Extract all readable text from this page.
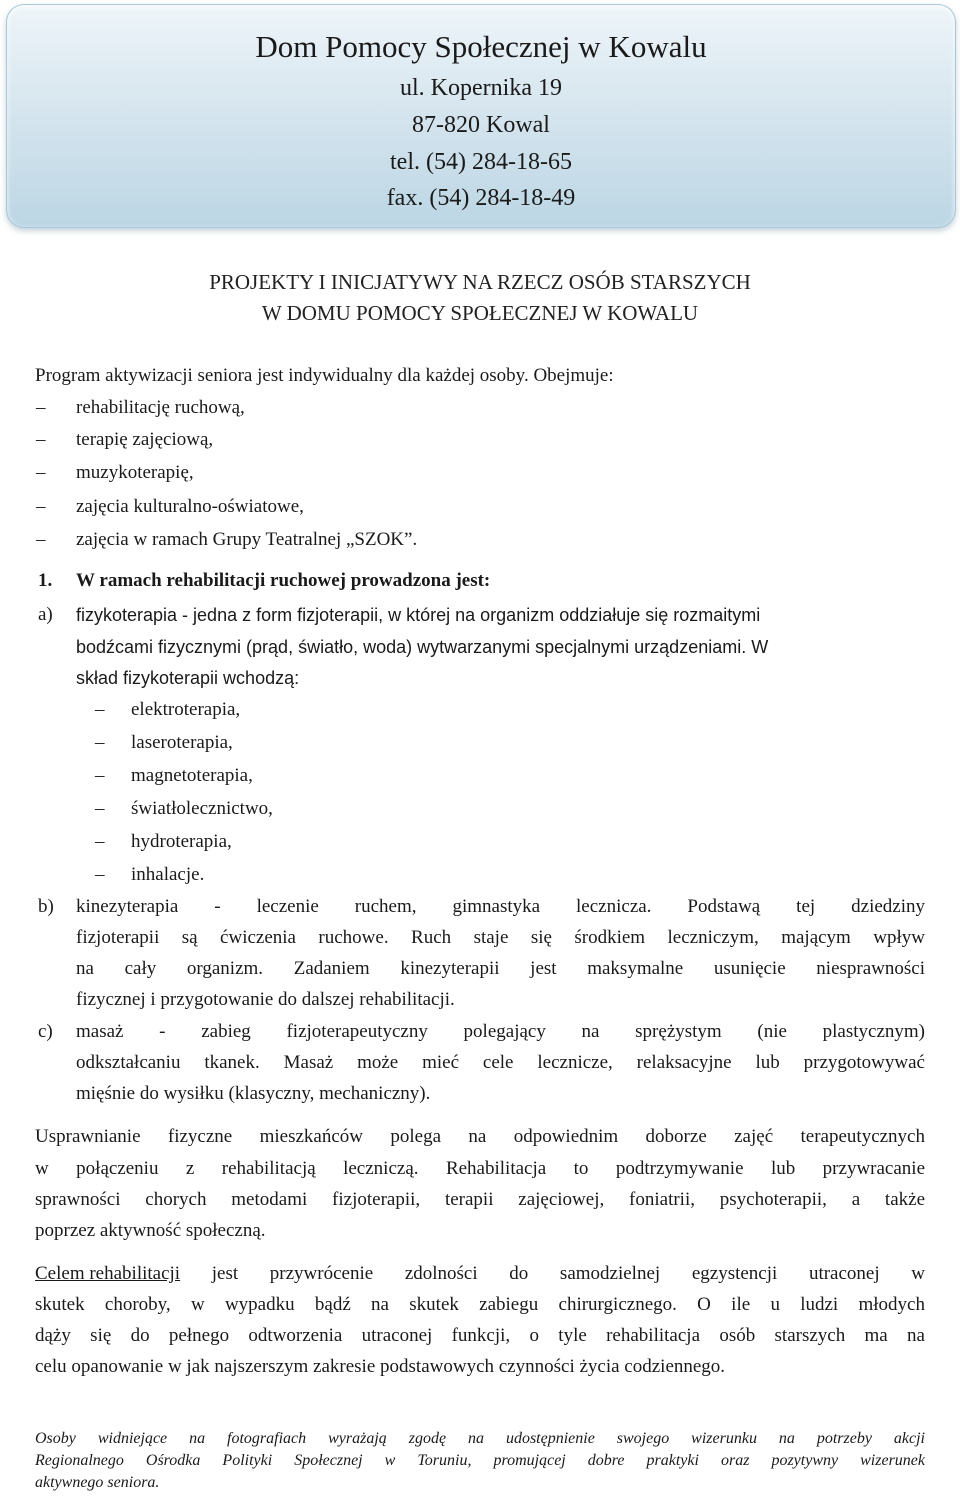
Dom Pomocy Społecznej w Kowalu
ul. Kopernika 19
87-820 Kowal
tel. (54) 284-18-65
fax. (54) 284-18-49
PROJEKTY I INICJATYWY NA RZECZ OSÓB STARSZYCH
W DOMU POMOCY SPOŁECZNEJ W KOWALU
Program aktywizacji seniora jest indywidualny dla każdej osoby. Obejmuje:
– rehabilitację ruchową,
– terapię zajęciową,
– muzykoterapię,
– zajęcia kulturalno-oświatowe,
– zajęcia w ramach Grupy Teatralnej „SZOK”.
1. W ramach rehabilitacji ruchowej prowadzona jest:
a) fizykoterapia - jedna z form fizjoterapii, w której na organizm oddziałuje się rozmaitymi
bodźcami fizycznymi (prąd, światło, woda) wytwarzanymi specjalnymi urządzeniami. W
skład fizykoterapii wchodzą:
– elektroterapia,
– laseroterapia,
– magnetoterapia,
– światłolecznictwo,
– hydroterapia,
– inhalacje.
b) kinezyterapia - leczenie ruchem, gimnastyka lecznicza. Podstawą tej dziedziny
fizjoterapii są ćwiczenia ruchowe. Ruch staje się środkiem leczniczym, mającym wpływ
na cały organizm. Zadaniem kinezyterapii jest maksymalne usunięcie niesprawności
fizycznej i przygotowanie do dalszej rehabilitacji.
c) masaż - zabieg fizjoterapeutyczny polegający na sprężystym (nie plastycznym)
odkształcaniu tkanek. Masaż może mieć cele lecznicze, relaksacyjne lub przygotowywać
mięśnie do wysiłku (klasyczny, mechaniczny).
Usprawnianie fizyczne mieszkańców polega na odpowiednim doborze zajęć terapeutycznych
w połączeniu z rehabilitacją leczniczą. Rehabilitacja to podtrzymywanie lub przywracanie
sprawności chorych metodami fizjoterapii, terapii zajęciowej, foniatrii, psychoterapii, a także
poprzez aktywność społeczną.
Celem rehabilitacji jest przywrócenie zdolności do samodzielnej egzystencji utraconej w
skutek choroby, w wypadku bądź na skutek zabiegu chirurgicznego. O ile u ludzi młodych
dąży się do pełnego odtworzenia utraconej funkcji, o tyle rehabilitacja osób starszych ma na
celu opanowanie w jak najszerszym zakresie podstawowych czynności życia codziennego.
Osoby widniejące na fotografiach wyrażają zgodę na udostępnienie swojego wizerunku na potrzeby akcji
Regionalnego Ośrodka Polityki Społecznej w Toruniu, promującej dobre praktyki oraz pozytywny wizerunek
aktywnego seniora.
